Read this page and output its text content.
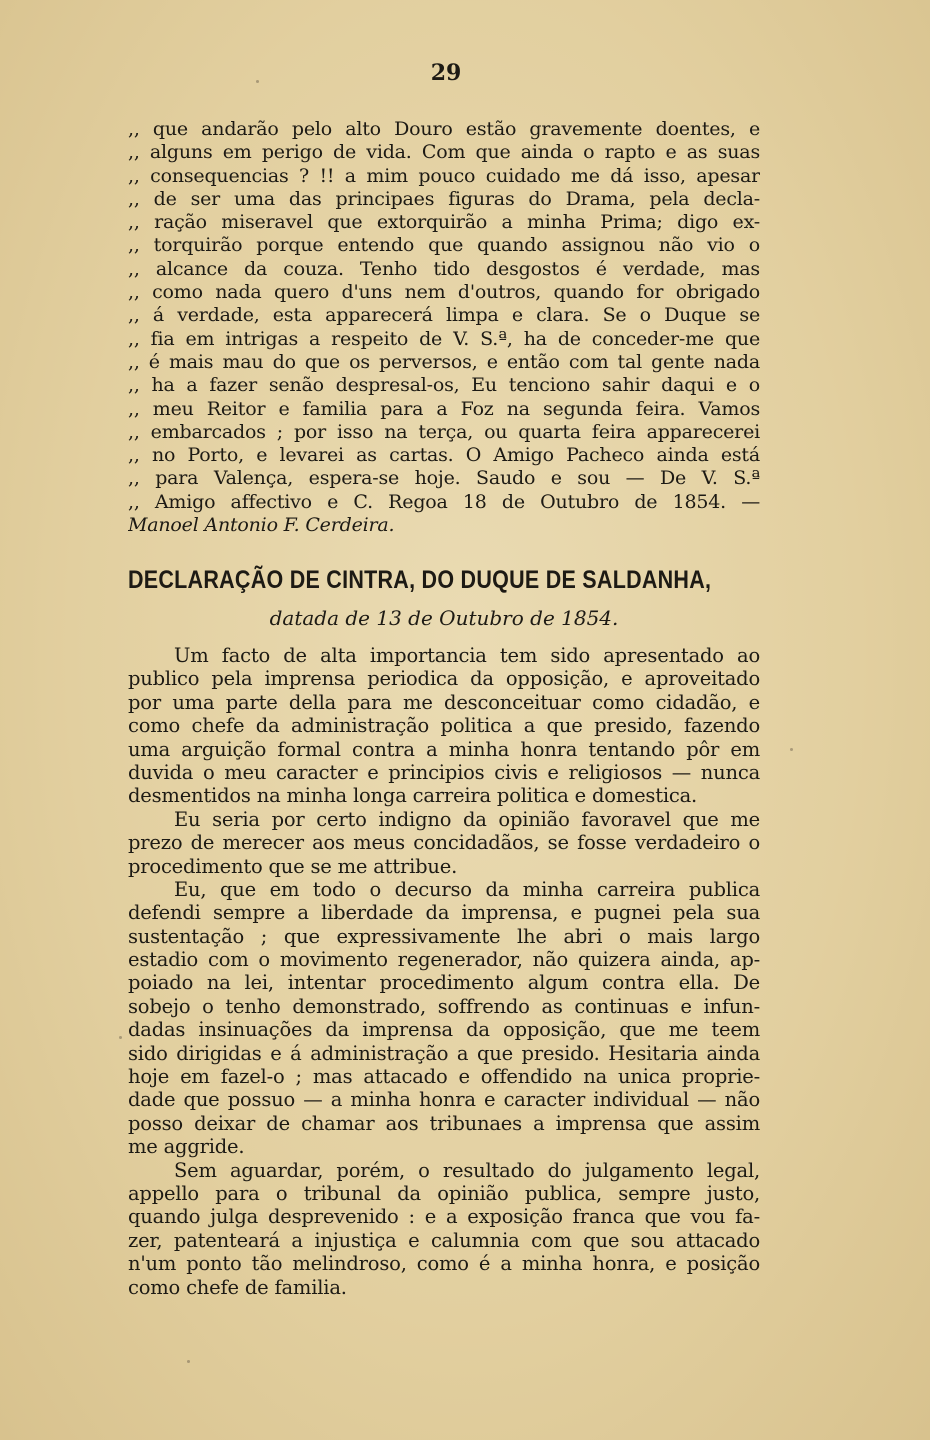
29
,, que andarão pelo alto Douro estão gravemente doentes, e
,, alguns em perigo de vida. Com que ainda o rapto e as suas
,, consequencias ? !! a mim pouco cuidado me dá isso, apesar
,, de ser uma das principaes figuras do Drama, pela decla-
,, ração miseravel que extorquirão a minha Prima; digo ex-
,, torquirão porque entendo que quando assignou não vio o
,, alcance da couza. Tenho tido desgostos é verdade, mas
,, como nada quero d'uns nem d'outros, quando for obrigado
,, á verdade, esta apparecerá limpa e clara. Se o Duque se
,, fia em intrigas a respeito de V. S.ª, ha de conceder-me que
,, é mais mau do que os perversos, e então com tal gente nada
,, ha a fazer senão despresal-os, Eu tenciono sahir daqui e o
,, meu Reitor e familia para a Foz na segunda feira. Vamos
,, embarcados ; por isso na terça, ou quarta feira apparecerei
,, no Porto, e levarei as cartas. O Amigo Pacheco ainda está
,, para Valença, espera-se hoje. Saudo e sou — De V. S.ª
,, Amigo affectivo e C. Regoa 18 de Outubro de 1854. —
Manoel Antonio F. Cerdeira.
DECLARAÇÃO DE CINTRA, DO DUQUE DE SALDANHA,
datada de 13 de Outubro de 1854.
Um facto de alta importancia tem sido apresentado ao
publico pela imprensa periodica da opposição, e aproveitado
por uma parte della para me desconceituar como cidadão, e
como chefe da administração politica a que presido, fazendo
uma arguição formal contra a minha honra tentando pôr em
duvida o meu caracter e principios civis e religiosos — nunca
desmentidos na minha longa carreira politica e domestica.
Eu seria por certo indigno da opinião favoravel que me
prezo de merecer aos meus concidadãos, se fosse verdadeiro o
procedimento que se me attribue.
Eu, que em todo o decurso da minha carreira publica
defendi sempre a liberdade da imprensa, e pugnei pela sua
sustentação ; que expressivamente lhe abri o mais largo
estadio com o movimento regenerador, não quizera ainda, ap-
poiado na lei, intentar procedimento algum contra ella. De
sobejo o tenho demonstrado, soffrendo as continuas e infun-
dadas insinuações da imprensa da opposição, que me teem
sido dirigidas e á administração a que presido. Hesitaria ainda
hoje em fazel-o ; mas attacado e offendido na unica proprie-
dade que possuo — a minha honra e caracter individual — não
posso deixar de chamar aos tribunaes a imprensa que assim
me aggride.
Sem aguardar, porém, o resultado do julgamento legal,
appello para o tribunal da opinião publica, sempre justo,
quando julga desprevenido : e a exposição franca que vou fa-
zer, patenteará a injustiça e calumnia com que sou attacado
n'um ponto tão melindroso, como é a minha honra, e posição
como chefe de familia.
